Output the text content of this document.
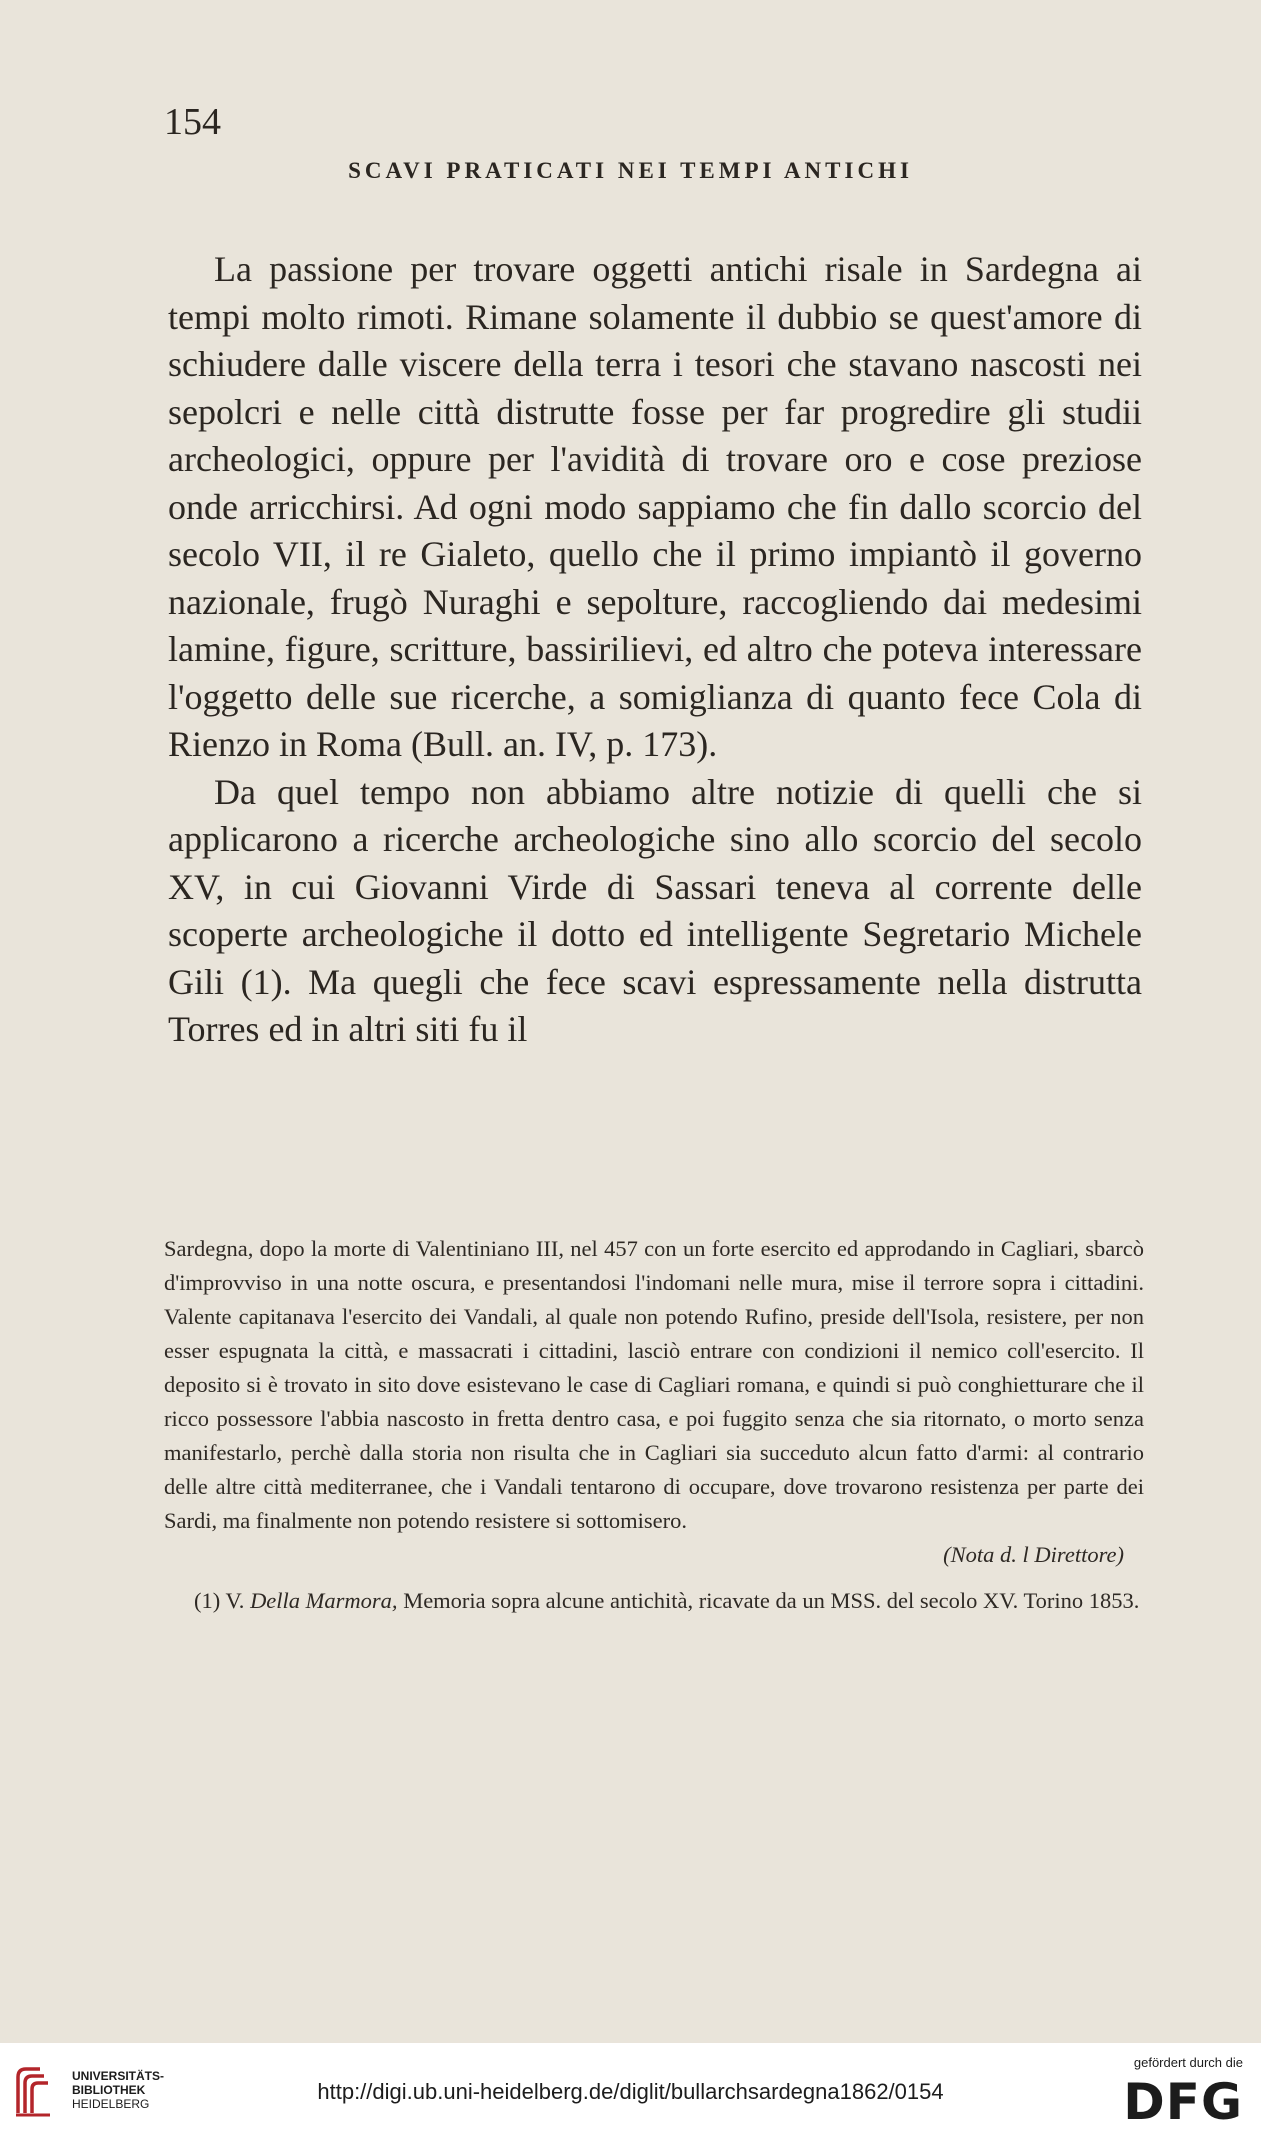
154
SCAVI PRATICATI NEI TEMPI ANTICHI

La passione per trovare oggetti antichi risale in Sardegna ai tempi molto rimoti. Rimane solamente il dubbio se quest'amore di schiudere dalle viscere della terra i tesori che stavano nascosti nei sepolcri e nelle città distrutte fosse per far progredire gli studii archeologici, oppure per l'avidità di trovare oro e cose preziose onde arricchirsi. Ad ogni modo sappiamo che fin dallo scorcio del secolo VII, il re Gialeto, quello che il primo impiantò il governo nazionale, frugò Nuraghi e sepolture, raccogliendo dai medesimi lamine, figure, scritture, bassirilievi, ed altro che poteva interessare l'oggetto delle sue ricerche, a somiglianza di quanto fece Cola di Rienzo in Roma (Bull. an. IV, p. 173).

Da quel tempo non abbiamo altre notizie di quelli che si applicarono a ricerche archeologiche sino allo scorcio del secolo XV, in cui Giovanni Virde di Sassari teneva al corrente delle scoperte archeologiche il dotto ed intelligente Segretario Michele Gili (1). Ma quegli che fece scavi espressamente nella distrutta Torres ed in altri siti fu il

Sardegna, dopo la morte di Valentiniano III, nel 457 con un forte esercito ed approdando in Cagliari, sbarcò d'improvviso in una notte oscura, e presentandosi l'indomani nelle mura, mise il terrore sopra i cittadini. Valente capitanava l'esercito dei Vandali, al quale non potendo Rufino, preside dell'Isola, resistere, per non esser espugnata la città, e massacrati i cittadini, lasciò entrare con condizioni il nemico coll'esercito. Il deposito si è trovato in sito dove esistevano le case di Cagliari romana, e quindi si può conghietturare che il ricco possessore l'abbia nascosto in fretta dentro casa, e poi fuggito senza che sia ritornato, o morto senza manifestarlo, perchè dalla storia non risulta che in Cagliari sia succeduto alcun fatto d'armi: al contrario delle altre città mediterranee, che i Vandali tentarono di occupare, dove trovarono resistenza per parte dei Sardi, ma finalmente non potendo resistere si sottomisero.

(Nota d. l Direttore)

(1) V. Della Marmora, Memoria sopra alcune antichità, ricavate da un MSS. del secolo XV. Torino 1853.

UNIVERSITÄTS-
BIBLIOTHEK
HEIDELBERG	http://digi.ub.uni-heidelberg.de/diglit/bullarchsardegna1862/0154
gefördert durch die
DFG
